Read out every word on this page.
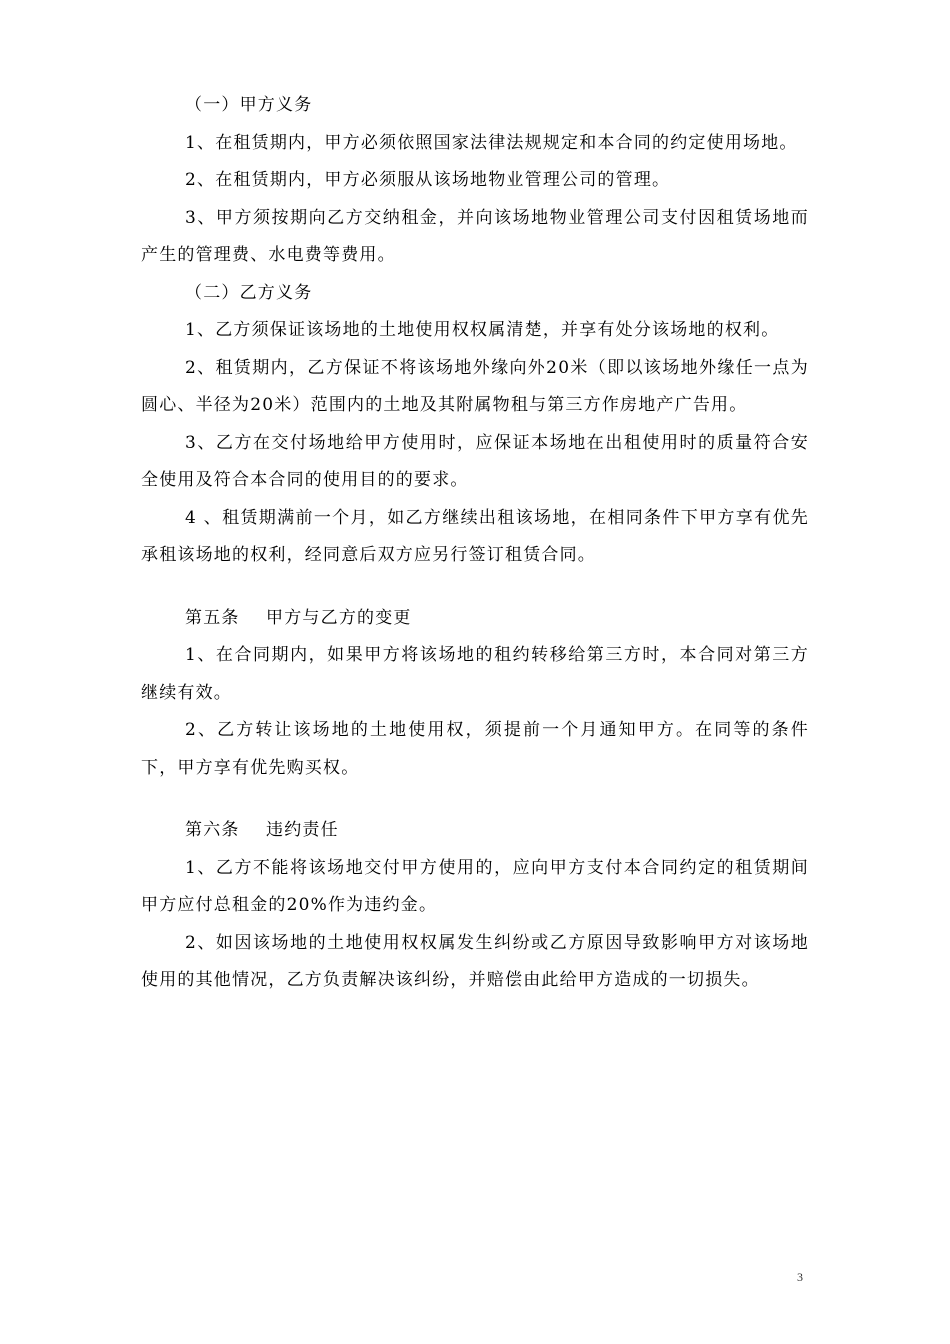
（一）甲方义务

1、在租赁期内，甲方必须依照国家法律法规规定和本合同的约定使用场地。

2、在租赁期内，甲方必须服从该场地物业管理公司的管理。

3、甲方须按期向乙方交纳租金，并向该场地物业管理公司支付因租赁场地而产生的管理费、水电费等费用。

（二）乙方义务

1、乙方须保证该场地的土地使用权权属清楚，并享有处分该场地的权利。

2、租赁期内，乙方保证不将该场地外缘向外20米（即以该场地外缘任一点为圆心、半径为20米）范围内的土地及其附属物租与第三方作房地产广告用。

3、乙方在交付场地给甲方使用时，应保证本场地在出租使用时的质量符合安全使用及符合本合同的使用目的的要求。

4 、租赁期满前一个月，如乙方继续出租该场地，在相同条件下甲方享有优先承租该场地的权利，经同意后双方应另行签订租赁合同。

第五条    甲方与乙方的变更

1、在合同期内，如果甲方将该场地的租约转移给第三方时，本合同对第三方继续有效。

2、乙方转让该场地的土地使用权，须提前一个月通知甲方。在同等的条件下，甲方享有优先购买权。

第六条    违约责任

1、乙方不能将该场地交付甲方使用的，应向甲方支付本合同约定的租赁期间甲方应付总租金的20%作为违约金。

2、如因该场地的土地使用权权属发生纠纷或乙方原因导致影响甲方对该场地使用的其他情况，乙方负责解决该纠纷，并赔偿由此给甲方造成的一切损失。

3
